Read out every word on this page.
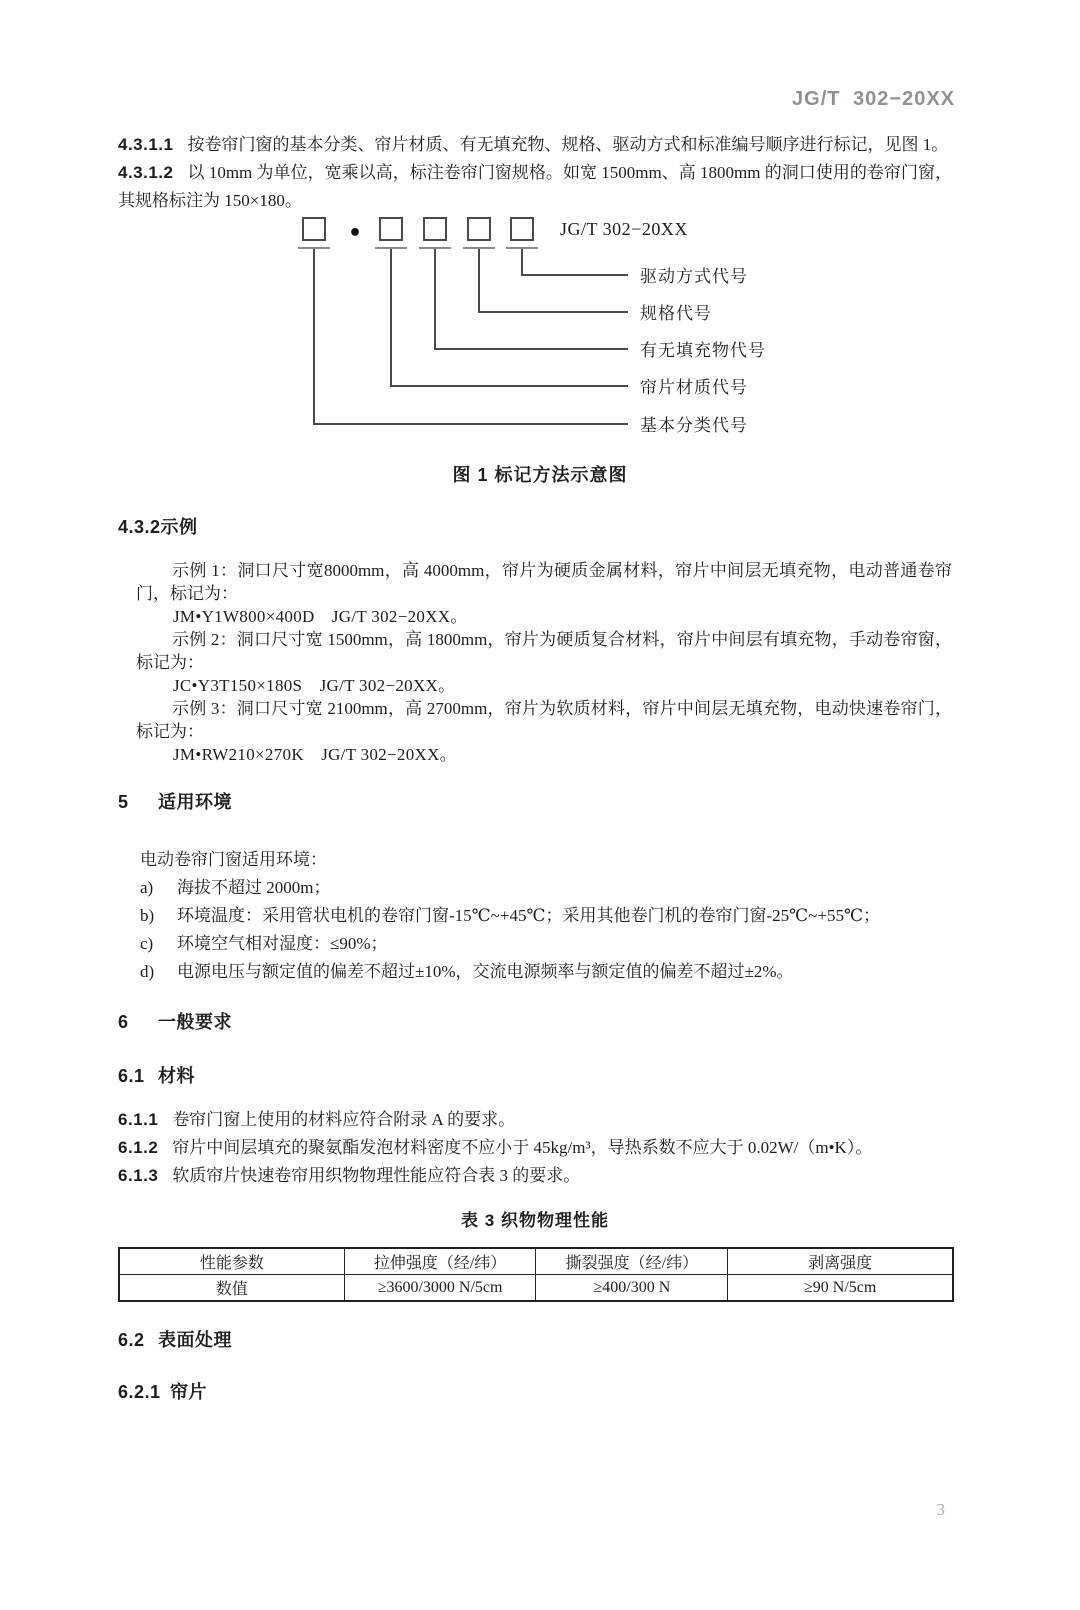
JG/T 302−20XX

4.3.1.1 按卷帘门窗的基本分类、帘片材质、有无填充物、规格、驱动方式和标准编号顺序进行标记，见图 1。

4.3.1.2 以 10mm 为单位，宽乘以高，标注卷帘门窗规格。如宽 1500mm、高 1800mm 的洞口使用的卷帘门窗，其规格标注为 150×180。

•	JG/T 302−20XX
驱动方式代号
规格代号
有无填充物代号
帘片材质代号
基本分类代号
图 1 标记方法示意图
4.3.2示例

示例 1：洞口尺寸宽8000mm，高 4000mm，帘片为硬质金属材料，帘片中间层无填充物，电动普通卷帘门，标记为：

JM•Y1W800×400D　JG/T 302−20XX。

示例 2：洞口尺寸宽 1500mm，高 1800mm，帘片为硬质复合材料，帘片中间层有填充物，手动卷帘窗，标记为：

JC•Y3T150×180S　JG/T 302−20XX。

示例 3：洞口尺寸宽 2100mm，高 2700mm，帘片为软质材料，帘片中间层无填充物，电动快速卷帘门，标记为：

JM•RW210×270K　JG/T 302−20XX。

5 适用环境

电动卷帘门窗适用环境：

a) 海拔不超过 2000m；

b) 环境温度：采用管状电机的卷帘门窗-15℃~+45℃；采用其他卷门机的卷帘门窗-25℃~+55℃；

c) 环境空气相对湿度：≤90%；

d) 电源电压与额定值的偏差不超过±10%，交流电源频率与额定值的偏差不超过±2%。

6 一般要求
6.1 材料

6.1.1 卷帘门窗上使用的材料应符合附录 A 的要求。

6.1.2 帘片中间层填充的聚氨酯发泡材料密度不应小于 45kg/m³，导热系数不应大于 0.02W/（m•K）。

6.1.3 软质帘片快速卷帘用织物物理性能应符合表 3 的要求。

表 3 织物物理性能
性能参数	拉伸强度（经/纬）	撕裂强度（经/纬）	剥离强度
数值	≥3600/3000 N/5cm	≥400/300 N	≥90 N/5cm
6.2 表面处理
6.2.1 帘片
3
